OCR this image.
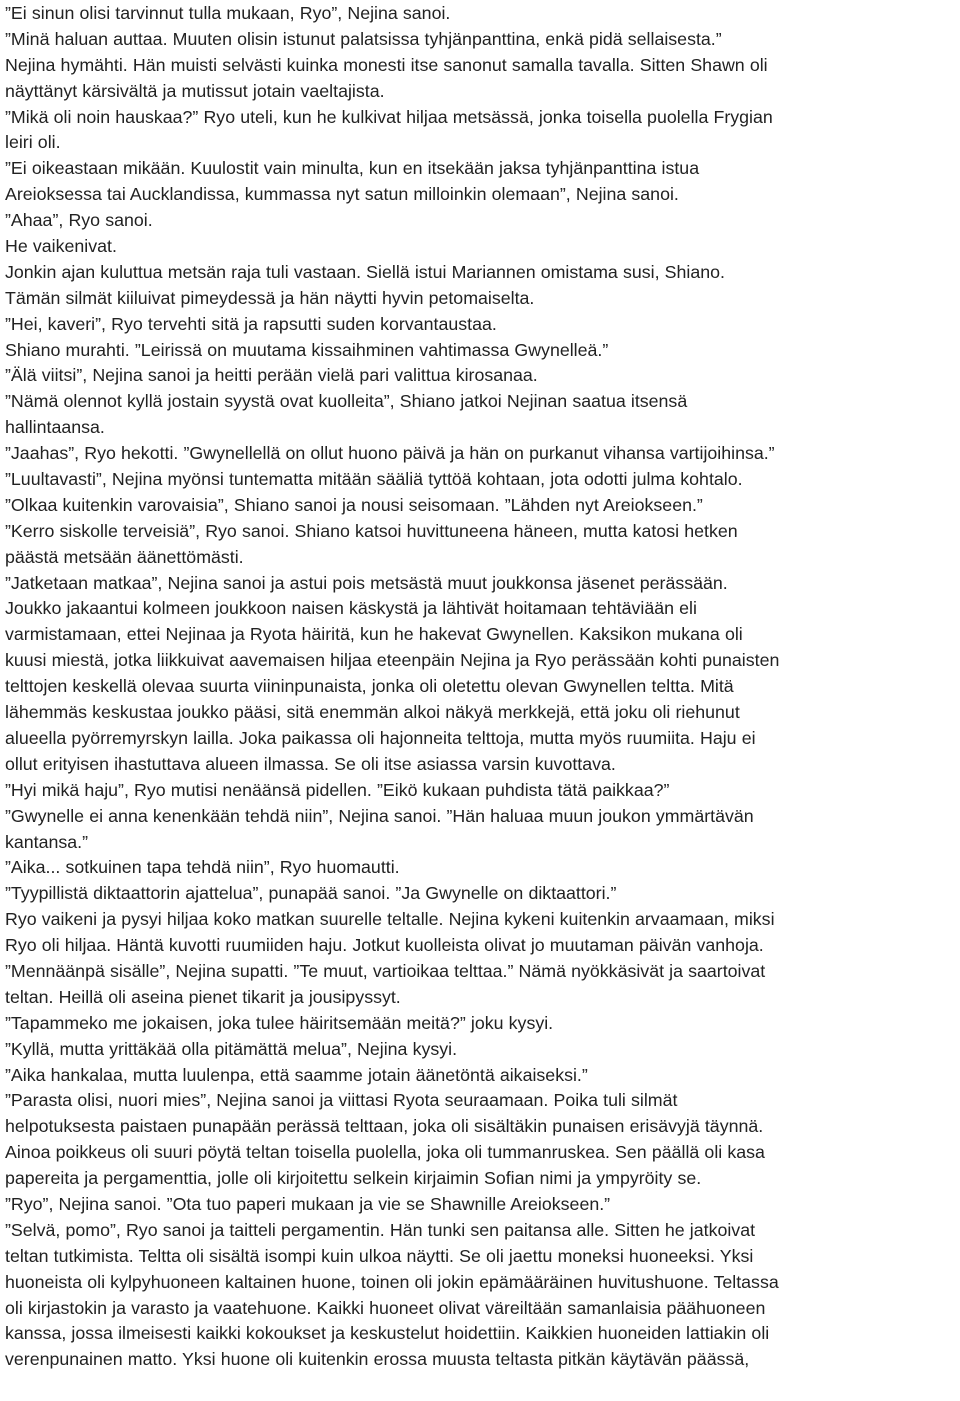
”Ei sinun olisi tarvinnut tulla mukaan, Ryo”, Nejina sanoi.
”Minä haluan auttaa. Muuten olisin istunut palatsissa tyhjänpanttina, enkä pidä sellaisesta.”
Nejina hymähti. Hän muisti selvästi kuinka monesti itse sanonut samalla tavalla. Sitten Shawn oli
näyttänyt kärsivältä ja mutissut jotain vaeltajista.
”Mikä oli noin hauskaa?” Ryo uteli, kun he kulkivat hiljaa metsässä, jonka toisella puolella Frygian
leiri oli.
”Ei oikeastaan mikään. Kuulostit vain minulta, kun en itsekään jaksa tyhjänpanttina istua
Areioksessa tai Aucklandissa, kummassa nyt satun milloinkin olemaan”, Nejina sanoi.
”Ahaa”, Ryo sanoi.
He vaikenivat.
Jonkin ajan kuluttua metsän raja tuli vastaan. Siellä istui Mariannen omistama susi, Shiano.
Tämän silmät kiiluivat pimeydessä ja hän näytti hyvin petomaiselta.
”Hei, kaveri”, Ryo tervehti sitä ja rapsutti suden korvantaustaa.
Shiano murahti. ”Leirissä on muutama kissaihminen vahtimassa Gwynelleä.”
”Älä viitsi”, Nejina sanoi ja heitti perään vielä pari valittua kirosanaa.
”Nämä olennot kyllä jostain syystä ovat kuolleita”, Shiano jatkoi Nejinan saatua itsensä
hallintaansa.
”Jaahas”, Ryo hekotti. ”Gwynellellä on ollut huono päivä ja hän on purkanut vihansa vartijoihinsa.”
”Luultavasti”, Nejina myönsi tuntematta mitään sääliä tyttöä kohtaan, jota odotti julma kohtalo.
”Olkaa kuitenkin varovaisia”, Shiano sanoi ja nousi seisomaan. ”Lähden nyt Areiokseen.”
”Kerro siskolle terveisiä”, Ryo sanoi. Shiano katsoi huvittuneena häneen, mutta katosi hetken
päästä metsään äänettömästi.
”Jatketaan matkaa”, Nejina sanoi ja astui pois metsästä muut joukkonsa jäsenet perässään.
Joukko jakaantui kolmeen joukkoon naisen käskystä ja lähtivät hoitamaan tehtäviään eli
varmistamaan, ettei Nejinaa ja Ryota häiritä, kun he hakevat Gwynellen. Kaksikon mukana oli
kuusi miestä, jotka liikkuivat aavemaisen hiljaa eteenpäin Nejina ja Ryo perässään kohti punaisten
telttojen keskellä olevaa suurta viininpunaista, jonka oli oletettu olevan Gwynellen teltta. Mitä
lähemmäs keskustaa joukko pääsi, sitä enemmän alkoi näkyä merkkejä, että joku oli riehunut
alueella pyörremyrskyn lailla. Joka paikassa oli hajonneita telttoja, mutta myös ruumiita. Haju ei
ollut erityisen ihastuttava alueen ilmassa. Se oli itse asiassa varsin kuvottava.
”Hyi mikä haju”, Ryo mutisi nenäänsä pidellen. ”Eikö kukaan puhdista tätä paikkaa?”
”Gwynelle ei anna kenenkään tehdä niin”, Nejina sanoi. ”Hän haluaa muun joukon ymmärtävän
kantansa.”
”Aika... sotkuinen tapa tehdä niin”, Ryo huomautti.
”Tyypillistä diktaattorin ajattelua”, punapää sanoi. ”Ja Gwynelle on diktaattori.”
Ryo vaikeni ja pysyi hiljaa koko matkan suurelle teltalle. Nejina kykeni kuitenkin arvaamaan, miksi
Ryo oli hiljaa. Häntä kuvotti ruumiiden haju. Jotkut kuolleista olivat jo muutaman päivän vanhoja.
”Mennäänpä sisälle”, Nejina supatti. ”Te muut, vartioikaa telttaa.” Nämä nyökkäsivät ja saartoivat
teltan. Heillä oli aseina pienet tikarit ja jousipyssyt.
”Tapammeko me jokaisen, joka tulee häiritsemään meitä?” joku kysyi.
”Kyllä, mutta yrittäkää olla pitämättä melua”, Nejina kysyi.
”Aika hankalaa, mutta luulenpa, että saamme jotain äänetöntä aikaiseksi.”
”Parasta olisi, nuori mies”, Nejina sanoi ja viittasi Ryota seuraamaan. Poika tuli silmät
helpotuksesta paistaen punapään perässä telttaan, joka oli sisältäkin punaisen erisävyjä täynnä.
Ainoa poikkeus oli suuri pöytä teltan toisella puolella, joka oli tummanruskea. Sen päällä oli kasa
papereita ja pergamenttia, jolle oli kirjoitettu selkein kirjaimin Sofian nimi ja ympyröity se.
”Ryo”, Nejina sanoi. ”Ota tuo paperi mukaan ja vie se Shawnille Areiokseen.”
”Selvä, pomo”, Ryo sanoi ja taitteli pergamentin. Hän tunki sen paitansa alle. Sitten he jatkoivat
teltan tutkimista. Teltta oli sisältä isompi kuin ulkoa näytti. Se oli jaettu moneksi huoneeksi. Yksi
huoneista oli kylpyhuoneen kaltainen huone, toinen oli jokin epämääräinen huvitushuone. Teltassa
oli kirjastokin ja varasto ja vaatehuone. Kaikki huoneet olivat väreiltään samanlaisia päähuoneen
kanssa, jossa ilmeisesti kaikki kokoukset ja keskustelut hoidettiin. Kaikkien huoneiden lattiakin oli
verenpunainen matto. Yksi huone oli kuitenkin erossa muusta teltasta pitkän käytävän päässä,
